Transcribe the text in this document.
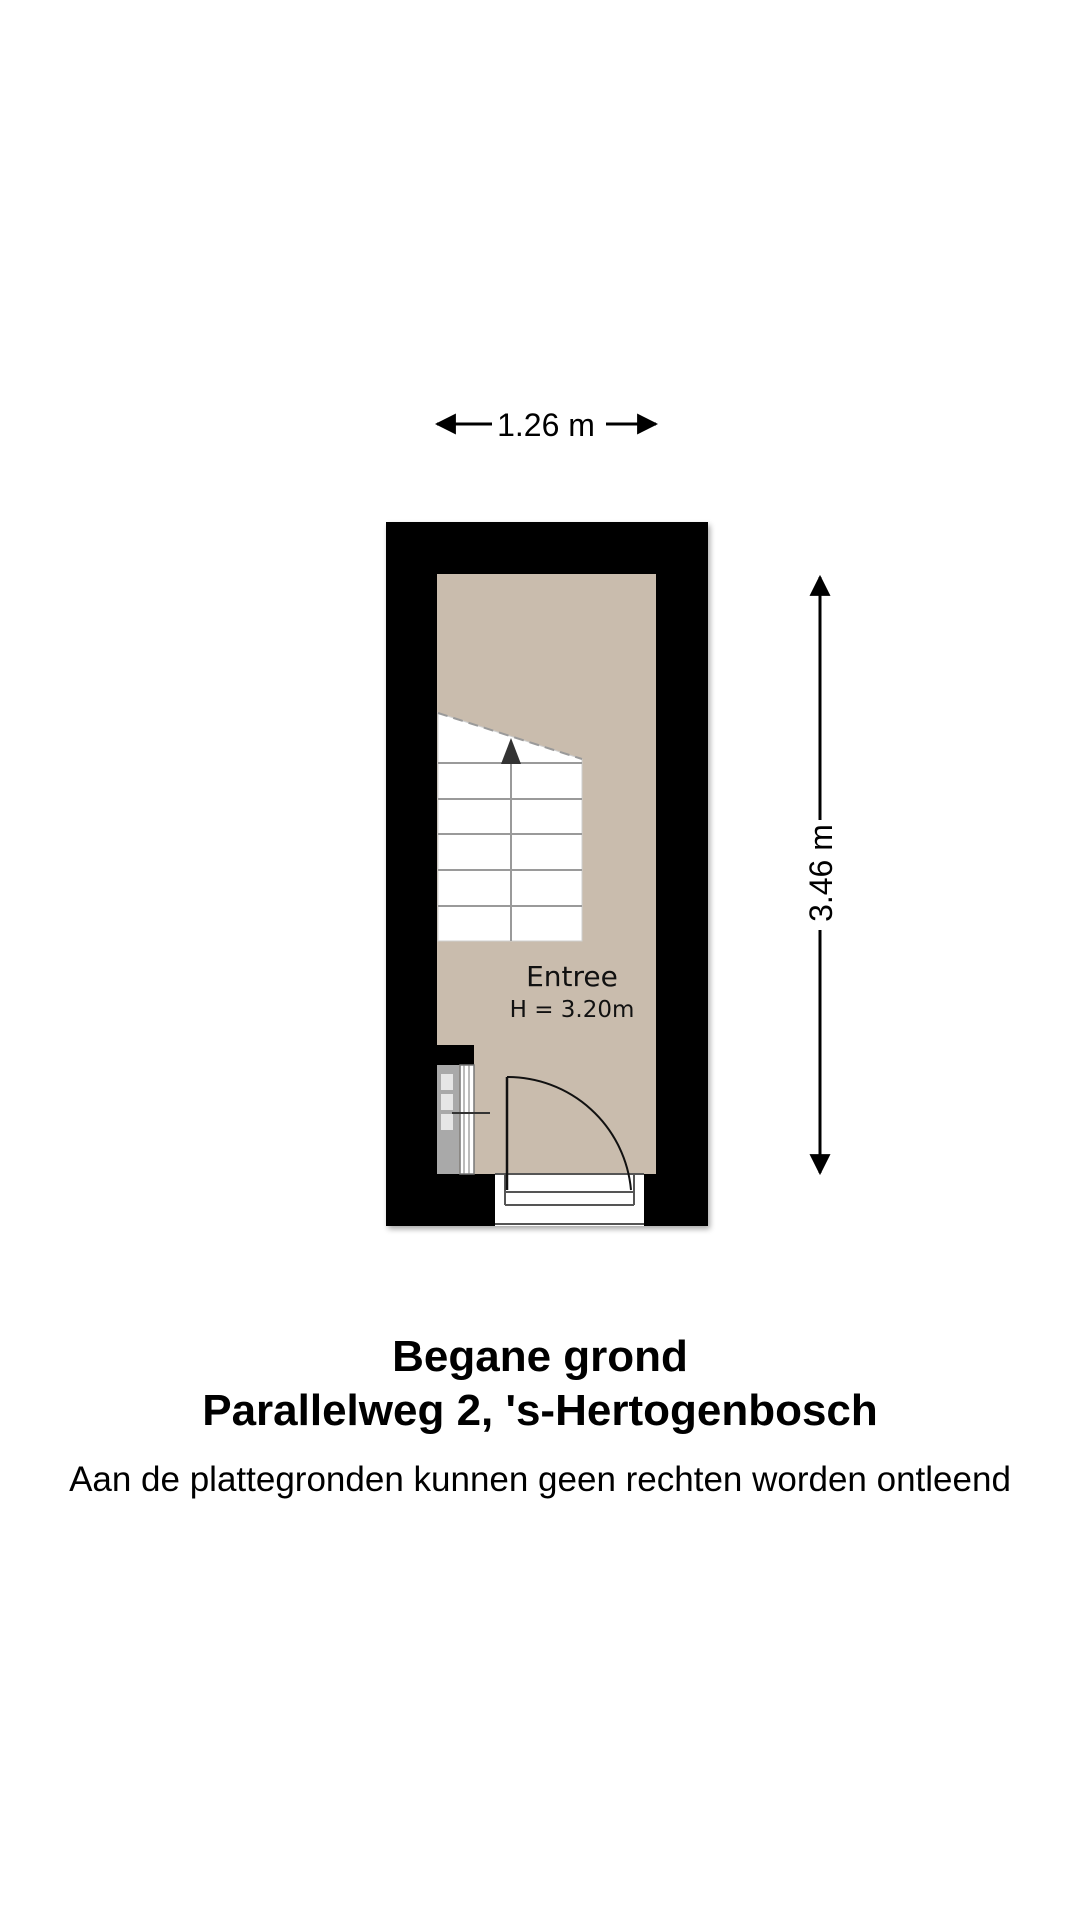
1.26 m
Entree
H = 3.20m
3.46 m
Begane grond
Parallelweg 2, 's-Hertogenbosch
Aan de plattegronden kunnen geen rechten worden ontleend
